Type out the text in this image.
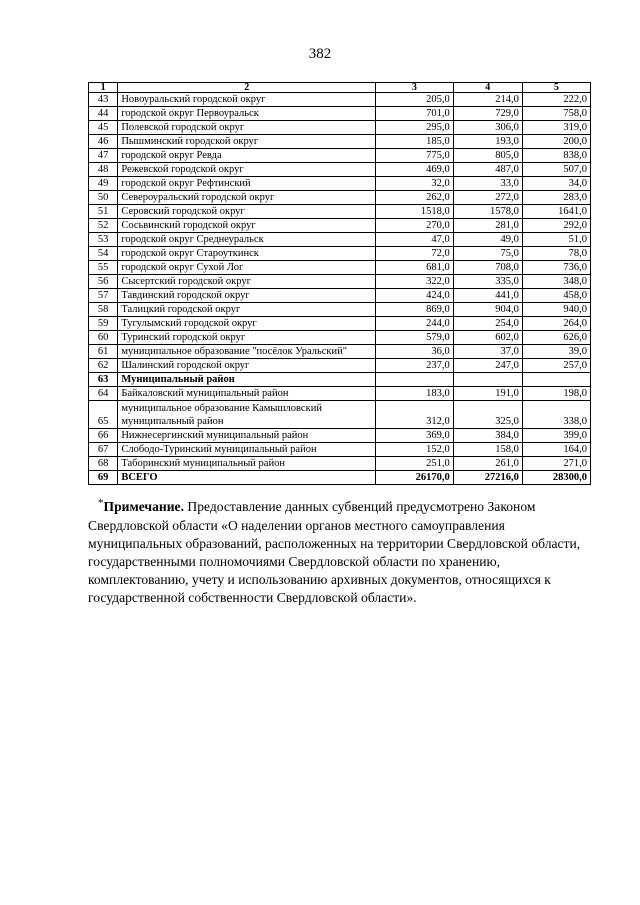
382
1	2	3	4	5
43	Новоуральский городской округ	205,0	214,0	222,0
44	городской округ Первоуральск	701,0	729,0	758,0
45	Полевской городской округ	295,0	306,0	319,0
46	Пышминский городской округ	185,0	193,0	200,0
47	городской округ Ревда	775,0	805,0	838,0
48	Режевской городской округ	469,0	487,0	507,0
49	городской округ Рефтинский	32,0	33,0	34,0
50	Североуральский городской округ	262,0	272,0	283,0
51	Серовский городской округ	1518,0	1578,0	1641,0
52	Сосьвинский городской округ	270,0	281,0	292,0
53	городской округ Среднеуральск	47,0	49,0	51,0
54	городской округ Староуткинск	72,0	75,0	78,0
55	городской округ Сухой Лог	681,0	708,0	736,0
56	Сысертский городской округ	322,0	335,0	348,0
57	Тавдинский городской округ	424,0	441,0	458,0
58	Талицкий городской округ	869,0	904,0	940,0
59	Тугулымский городской округ	244,0	254,0	264,0
60	Туринский городской округ	579,0	602,0	626,0
61	муниципальное образование "посёлок Уральский"	36,0	37,0	39,0
62	Шалинский городской округ	237,0	247,0	257,0
63	Муниципальный район			
64	Байкаловский муниципальный район	183,0	191,0	198,0
65	муниципальное образование Камышловский муниципальный район	312,0	325,0	338,0
66	Нижнесергинский муниципальный район	369,0	384,0	399,0
67	Слободо-Туринский муниципальный район	152,0	158,0	164,0
68	Таборинский муниципальный район	251,0	261,0	271,0
69	ВСЕГО	26170,0	27216,0	28300,0
*Примечание. Предоставление данных субвенций предусмотрено Законом Свердловской области «О наделении органов местного самоуправления муниципальных образований, расположенных на территории Свердловской области, государственными полномочиями Свердловской области по хранению, комплектованию, учету и использованию архивных документов, относящихся к государственной собственности Свердловской области».
